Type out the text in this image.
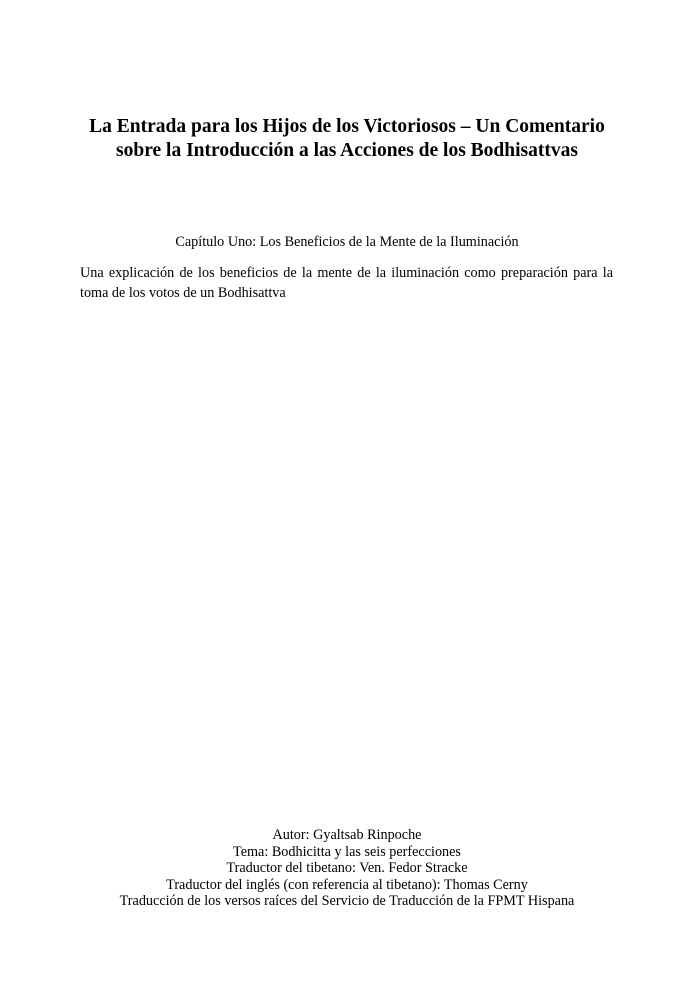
La Entrada para los Hijos de los Victoriosos – Un Comentario
sobre la Introducción a las Acciones de los Bodhisattvas

Capítulo Uno: Los Beneficios de la Mente de la Iluminación

Una explicación de los beneficios de la mente de la iluminación como preparación para la
toma de los votos de un Bodhisattva

Autor: Gyaltsab Rinpoche
Tema: Bodhicitta y las seis perfecciones
Traductor del tibetano: Ven. Fedor Stracke
Traductor del inglés (con referencia al tibetano): Thomas Cerny
Traducción de los versos raíces del Servicio de Traducción de la FPMT Hispana
